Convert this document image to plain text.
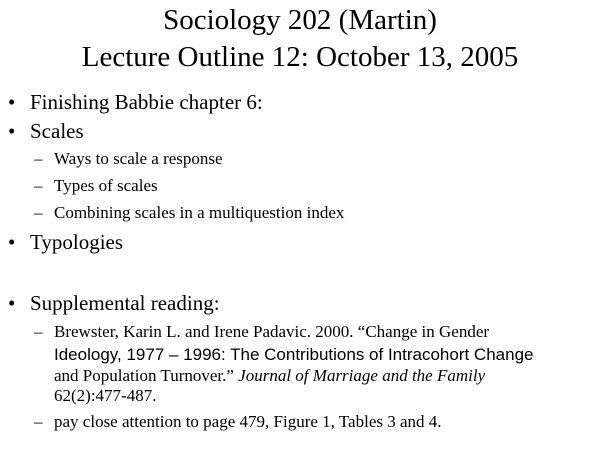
Sociology 202 (Martin)
Lecture Outline 12: October 13, 2005
• Finishing Babbie chapter 6:
• Scales
– Ways to scale a response
– Types of scales
– Combining scales in a multiquestion index
• Typologies
• Supplemental reading:
– Brewster, Karin L. and Irene Padavic. 2000. “Change in Gender
Ideology, 1977 – 1996: The Contributions of Intracohort Change
and Population Turnover.” Journal of Marriage and the Family
62(2):477-487.
– pay close attention to page 479, Figure 1, Tables 3 and 4.
